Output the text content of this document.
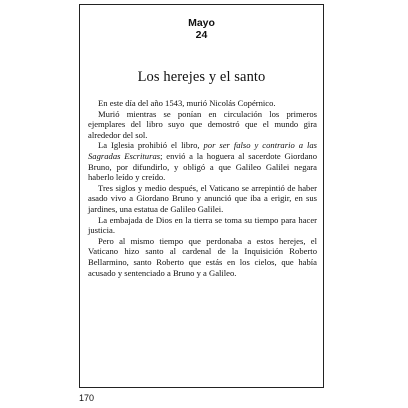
Mayo
24
Los herejes y el santo

En este día del año 1543, murió Nicolás Copérnico.

Murió mientras se ponían en circulación los primeros ejemplares del libro suyo que demostró que el mundo gira alrededor del sol.

La Iglesia prohibió el libro, por ser falso y contrario a las Sagradas Escrituras; envió a la hoguera al sacerdote Giordano Bruno, por difundirlo, y obligó a que Galileo Galilei negara haberlo leído y creído.

Tres siglos y medio después, el Vaticano se arrepintió de haber asado vivo a Giordano Bruno y anunció que iba a erigir, en sus jardines, una estatua de Galileo Galilei.

La embajada de Dios en la tierra se toma su tiempo para hacer justicia.

Pero al mismo tiempo que perdonaba a estos herejes, el Vaticano hizo santo al cardenal de la Inquisición Roberto Bellarmino, santo Roberto que estás en los cielos, que había acusado y sentenciado a Bruno y a Galileo.

170
